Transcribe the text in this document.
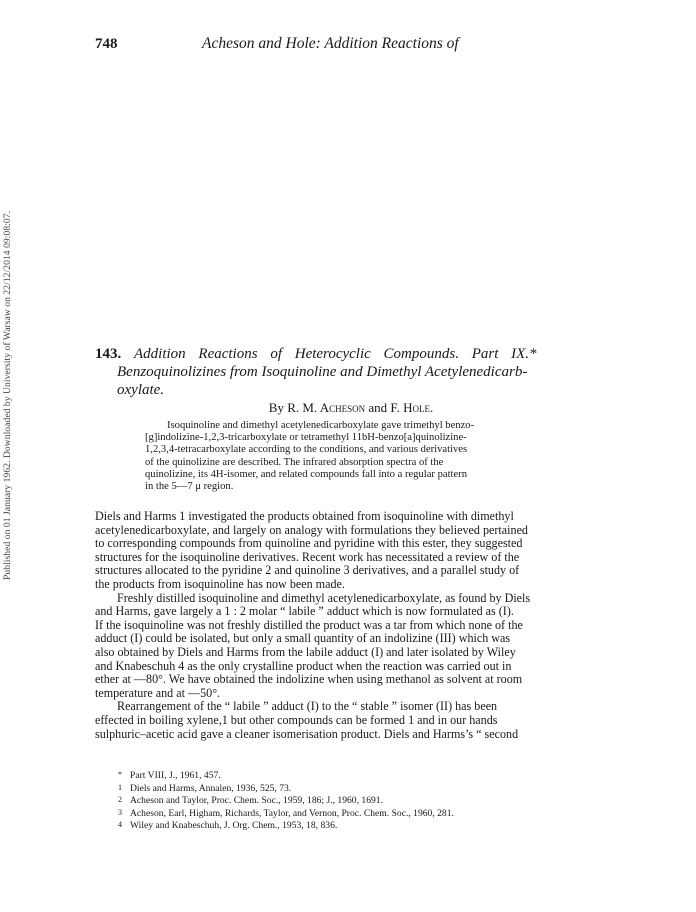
Published on 01 January 1962. Downloaded by University of Warsaw on 22/12/2014 09:08:07.
748	Acheson and Hole: Addition Reactions of
143. Addition Reactions of Heterocyclic Compounds. Part IX.*
Benzoquinolizines from Isoquinoline and Dimethyl Acetylenedicarb-
oxylate.
By R. M. Acheson and F. Hole.
Isoquinoline and dimethyl acetylenedicarboxylate gave trimethyl benzo-
[g]indolizine-1,2,3-tricarboxylate or tetramethyl 11bH-benzo[a]quinolizine-
1,2,3,4-tetracarboxylate according to the conditions, and various derivatives
of the quinolizine are described. The infrared absorption spectra of the
quinolizine, its 4H-isomer, and related compounds fall into a regular pattern
in the 5—7 μ region.
Diels and Harms 1 investigated the products obtained from isoquinoline with dimethyl
acetylenedicarboxylate, and largely on analogy with formulations they believed pertained
to corresponding compounds from quinoline and pyridine with this ester, they suggested
structures for the isoquinoline derivatives. Recent work has necessitated a review of the
structures allocated to the pyridine 2 and quinoline 3 derivatives, and a parallel study of
the products from isoquinoline has now been made.
Freshly distilled isoquinoline and dimethyl acetylenedicarboxylate, as found by Diels
and Harms, gave largely a 1 : 2 molar “ labile ” adduct which is now formulated as (I).
If the isoquinoline was not freshly distilled the product was a tar from which none of the
adduct (I) could be isolated, but only a small quantity of an indolizine (III) which was
also obtained by Diels and Harms from the labile adduct (I) and later isolated by Wiley
and Knabeschuh 4 as the only crystalline product when the reaction was carried out in
ether at —80°. We have obtained the indolizine when using methanol as solvent at room
temperature and at —50°.
Rearrangement of the “ labile ” adduct (I) to the “ stable ” isomer (II) has been
effected in boiling xylene,1 but other compounds can be formed 1 and in our hands
sulphuric–acetic acid gave a cleaner isomerisation product. Diels and Harms’s “ second
* Part VIII, J., 1961, 457.
1 Diels and Harms, Annalen, 1936, 525, 73.
2 Acheson and Taylor, Proc. Chem. Soc., 1959, 186; J., 1960, 1691.
3 Acheson, Earl, Higham, Richards, Taylor, and Vernon, Proc. Chem. Soc., 1960, 281.
4 Wiley and Knabeschuh, J. Org. Chem., 1953, 18, 836.
